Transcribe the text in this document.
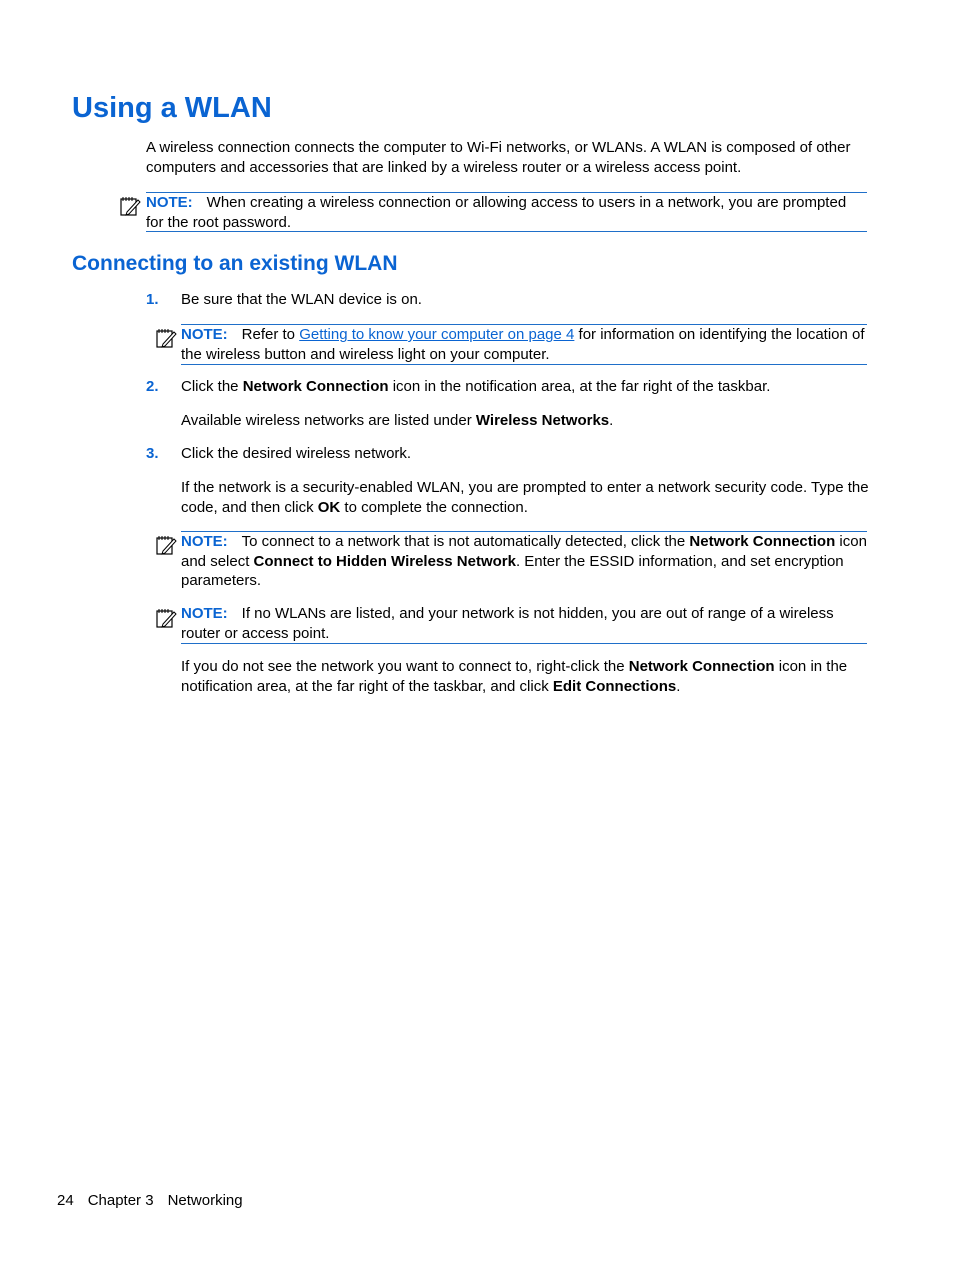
Using a WLAN

A wireless connection connects the computer to Wi-Fi networks, or WLANs. A WLAN is composed of other computers and accessories that are linked by a wireless router or a wireless access point.

NOTE: When creating a wireless connection or allowing access to users in a network, you are prompted for the root password.
Connecting to an existing WLAN
1. Be sure that the WLAN device is on.

NOTE: Refer to Getting to know your computer on page 4 for information on identifying the location of the wireless button and wireless light on your computer.
2. Click the Network Connection icon in the notification area, at the far right of the taskbar.

Available wireless networks are listed under Wireless Networks.

3. Click the desired wireless network.

If the network is a security-enabled WLAN, you are prompted to enter a network security code. Type the code, and then click OK to complete the connection.

NOTE: To connect to a network that is not automatically detected, click the Network Connection icon and select Connect to Hidden Wireless Network. Enter the ESSID information, and set encryption parameters.
NOTE: If no WLANs are listed, and your network is not hidden, you are out of range of a wireless router or access point.

If you do not see the network you want to connect to, right-click the Network Connection icon in the notification area, at the far right of the taskbar, and click Edit Connections.

24 Chapter 3 Networking
